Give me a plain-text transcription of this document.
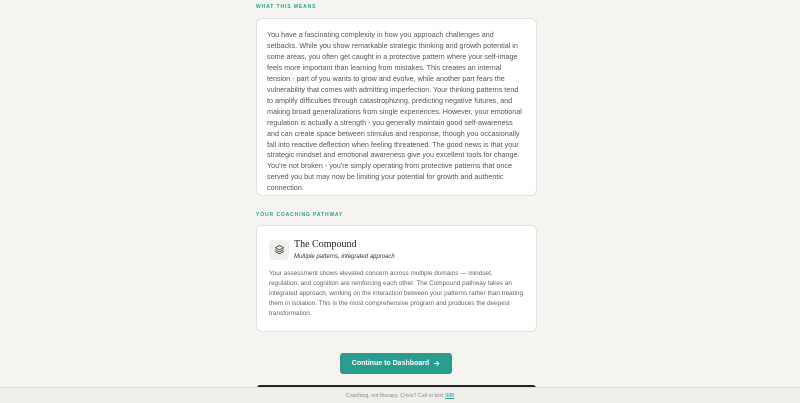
WHAT THIS MEANS

You have a fascinating complexity in how you approach challenges and setbacks. While you show remarkable strategic thinking and growth potential in some areas, you often get caught in a protective pattern where your self-image feels more important than learning from mistakes. This creates an internal tension - part of you wants to grow and evolve, while another part fears the vulnerability that comes with admitting imperfection. Your thinking patterns tend to amplify difficulties through catastrophizing, predicting negative futures, and making broad generalizations from single experiences. However, your emotional regulation is actually a strength - you generally maintain good self-awareness and can create space between stimulus and response, though you occasionally fall into reactive deflection when feeling threatened. The good news is that your strategic mindset and emotional awareness give you excellent tools for change. You're not broken - you're simply operating from protective patterns that once served you but may now be limiting your potential for growth and authentic connection.

YOUR COACHING PATHWAY
The Compound
Multiple patterns, integrated approach

Your assessment shows elevated concern across multiple domains — mindset, regulation, and cognition are reinforcing each other. The Compound pathway takes an integrated approach, working on the interaction between your patterns rather than treating them in isolation. This is the most comprehensive program and produces the deepest transformation.

Continue to Dashboard
Coaching, not therapy. Crisis? Call or text 988
